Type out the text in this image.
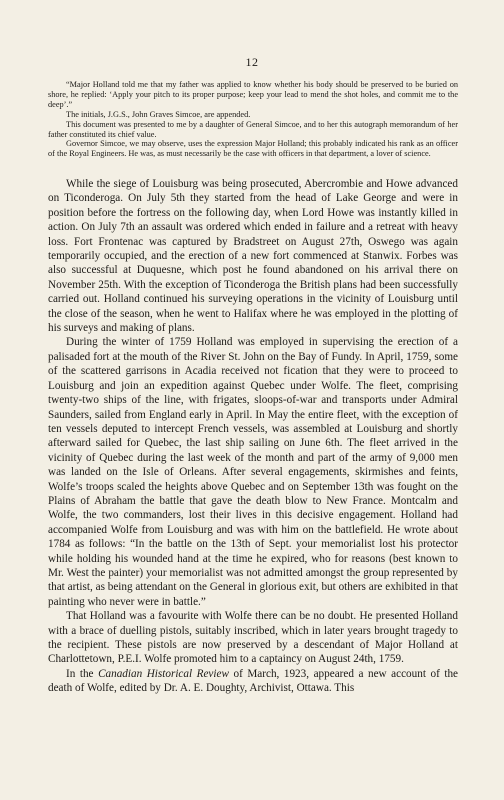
12

“Major Holland told me that my father was applied to know whether his body should be preserved to be buried on shore, he replied: ‘Apply your pitch to its proper purpose; keep your lead to mend the shot holes, and commit me to the deep’.”

The initials, J.G.S., John Graves Simcoe, are appended.

This document was presented to me by a daughter of General Simcoe, and to her this autograph memorandum of her father constituted its chief value.

Governor Simcoe, we may observe, uses the expression Major Holland; this probably indicated his rank as an officer of the Royal Engineers. He was, as must necessarily be the case with officers in that department, a lover of science.

While the siege of Louisburg was being prosecuted, Abercrombie and Howe advanced on Ticonderoga. On July 5th they started from the head of Lake George and were in position before the fortress on the following day, when Lord Howe was instantly killed in action. On July 7th an assault was ordered which ended in failure and a retreat with heavy loss. Fort Frontenac was captured by Bradstreet on August 27th, Oswego was again temporarily occupied, and the erection of a new fort commenced at Stanwix. Forbes was also successful at Duquesne, which post he found abandoned on his arrival there on November 25th. With the exception of Ticonderoga the British plans had been successfully carried out. Holland continued his surveying operations in the vicinity of Louisburg until the close of the season, when he went to Halifax where he was employed in the plotting of his surveys and making of plans.

During the winter of 1759 Holland was employed in supervising the erection of a palisaded fort at the mouth of the River St. John on the Bay of Fundy. In April, 1759, some of the scattered garrisons in Acadia received not fication that they were to proceed to Louisburg and join an expedition against Quebec under Wolfe. The fleet, comprising twenty-two ships of the line, with frigates, sloops-of-war and transports under Admiral Saunders, sailed from England early in April. In May the entire fleet, with the exception of ten vessels deputed to intercept French vessels, was assembled at Louisburg and shortly afterward sailed for Quebec, the last ship sailing on June 6th. The fleet arrived in the vicinity of Quebec during the last week of the month and part of the army of 9,000 men was landed on the Isle of Orleans. After several engagements, skirmishes and feints, Wolfe’s troops scaled the heights above Quebec and on September 13th was fought on the Plains of Abraham the battle that gave the death blow to New France. Montcalm and Wolfe, the two commanders, lost their lives in this decisive engagement. Holland had accompanied Wolfe from Louisburg and was with him on the battlefield. He wrote about 1784 as follows: “In the battle on the 13th of Sept. your memorialist lost his protector while holding his wounded hand at the time he expired, who for reasons (best known to Mr. West the painter) your memorialist was not admitted amongst the group represented by that artist, as being attendant on the General in glorious exit, but others are exhibited in that painting who never were in battle.”

That Holland was a favourite with Wolfe there can be no doubt. He presented Holland with a brace of duelling pistols, suitably inscribed, which in later years brought tragedy to the recipient. These pistols are now preserved by a descendant of Major Holland at Charlottetown, P.E.I. Wolfe promoted him to a captaincy on August 24th, 1759.

In the Canadian Historical Review of March, 1923, appeared a new account of the death of Wolfe, edited by Dr. A. E. Doughty, Archivist, Ottawa. This
